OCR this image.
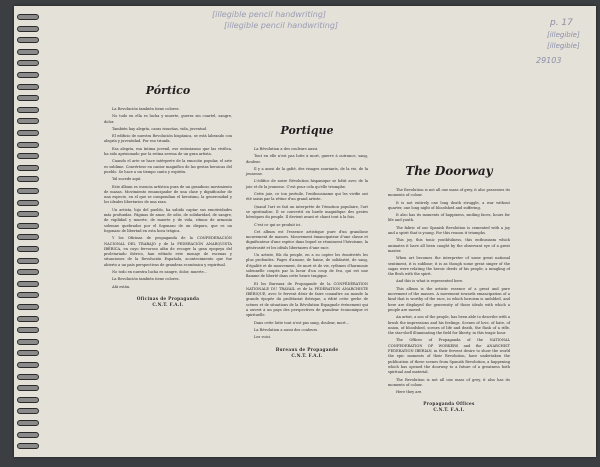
[illegible pencil handwriting]
[illegible pencil handwriting]	p. 17
[illegible]
[illegible]
29103
Pórtico

La Revolución también tiene colores.

No todo en ella es lucha y muerte, guerra sin cuartel, sangre, dolor.

También hay alegría, caras risueñas, vida, juventud.

El edificio de nuestra Revolución hispánica, se está labrando con alegría y juventidad. Por eso triunfa.

Esa alegría, esa íntima juvenil, ese entusiasmo que las vivifica, ha sido aprisionado por la retina serena de un gran artista.

Cuando el arte se hace intérprete de la emoción popular, el arte es sublime. Convértese en cantor magnífico de las gestas heroicas del pueblo. Se hace a un tiempo canto y espíritu.

Tal sucede aquí.

Este álbum es esencia artística pura de un grandioso movimiento de masas. Movimiento emancipador de una clase y dignificador de una especie, en el que se compendian el heroísmo, la generosidad y los ideales libertarios de una raza.

Un artista, hijo del pueblo, ha sabido captar sus emotividades más profundas. Páginas de amor, de odio, de solidaridad, de sangre, de vigilidad y muerte, de muerte y de vida, ritmos de armonía solemne quebrados por el fogonazo de un disparo, que es un fogonazo de libertad en esta hora trágica.

Y los Oficinas de propaganda de la CONFEDERACIÓN NACIONAL DEL TRABAJO y de la FEDERACIÓN ANARQUISTA IBÉRICA, en cuyo fervoroso afán de recoger la gran epopeya del proletariado ibérico, han editado este monaje de escenas y situaciones de la Revolución Española, acontecimiento que fue abierto a un país perspectivas de grandeza económica y espiritual.

No todo en nuestra lucha es sangre, dolor, muerte...

La Revolución también tiene colores.

Ahí están.

Oficinas de Propaganda
C.N.T. F.A.I.
Portique

La Révolution a des couleurs aussi.

Tout en elle n'est pas lutte à mort, guerre à outrance, sang, douleur.

Il y a aussi de la gaîté, des visages souriants, de la vie, de la jeunesse.

L'édifice de notre Révolution hispanique se bâtit avec de la joie et de la jeunesse. C'est pour cela qu'elle triomphe.

Cette joie, ce ton juvénile, l'enthousiasme qui les vivifie ont été saisis par la rétine d'un grand artiste.

Quand l'art se fait un interprète de l'émotion populaire, l'art se spiritualise. Il se convertit en barde magnifique des gestes héroïques du peuple. Il devient avant et chant tout à la fois.

C'est ce qui se produit ici.

Cet album est l'essence artistique pure d'un grandiose mouvement de masses. Mouvement émancipateur d'une classe et dignificateur d'une espèce dans lequel se réunissent l'héroïsme, la générosité et les idéals libertaires d'une race.

Un artiste, fils du peuple, en a su capter les émotivités les plus profondes. Pages d'amour, de haine, de solidarité, de sang, d'égalité et de mouvement, de mort et de vie, rythmes d'harmonie solennelle coupés par la lueur d'un coup de feu, qui est une flamme de liberté dans cette heure tragique.

Et les Bureaux de Propagande de la CONFÉDÉRATION NATIONALE DU TRAVAIL et de la FÉDÉRATION ANARCHISTE IBÉRIQUE, avec le fervent désir de faire connaître au monde la grande épopée du prolétariat ibérique, a édité cette gerbe de scènes et de situations de la Révolution Espagnole événement qui a ouvert à un pays des perspectives de grandeur économique et spirituelle.

Dans cette lutte tout n'est pas sang, douleur, mort...

La Révolution a aussi des couleurs.

Les voici.

Bureaux de Propagande
C.N.T. F.A.I.
The Doorway

The Revolution is not all one mass of grey, it also possesses its moments of colour.

It is not entirely one long death struggle, a war without quarter, one long night of bloodshed and suffering.

It also has its moments of happiness, smiling faces, hours for life and youth.

The fabric of our Spanish Revolution is cemented with a joy and a spirit that is young. For this reason it triumphs.

This joy, this tonic youthfulness, this enthusiasm which animates it have all been caught by the observant eye of a great master.

When art becomes the interpreter of some great national sentiment, it is sublime; it is as though some great singer of the sagas were relating the heroic deeds of his people, a mingling of the flesh with the spirit.

And this is what is represented here.

This album is the artistic essence of a great and pure movement of the masses. A movement towards emancipation of a kind that is worthy of the race, in which heroism is unfolded, and here are displayed the generosity of those ideals with which a people are moved.

An artist, a son of the people, has been able to describe with a brush the impressions and his feelings. Scenes of love, of hate, of union, of bloodshed, scenes of life and death, the flash of a rifle, the star-shell illuminating the field for liberty, in this tragic hour.

The Offices of Propaganda of the NATIONAL CONFEDERATION OF WORKERS and the ANARCHIST FEDERATION IBERIAN, in their fervent desire to show the world the epic moments of their Revolution, have undertaken the publication of these scenes from Spanish Revolution, a happening which has opened the doorway to a future of a greatness both spiritual and material.

The Revolution is not all one mass of grey, it also has its moments of colour.

Here they are.

Propaganda Offices
C.N.T. F.A.I.
